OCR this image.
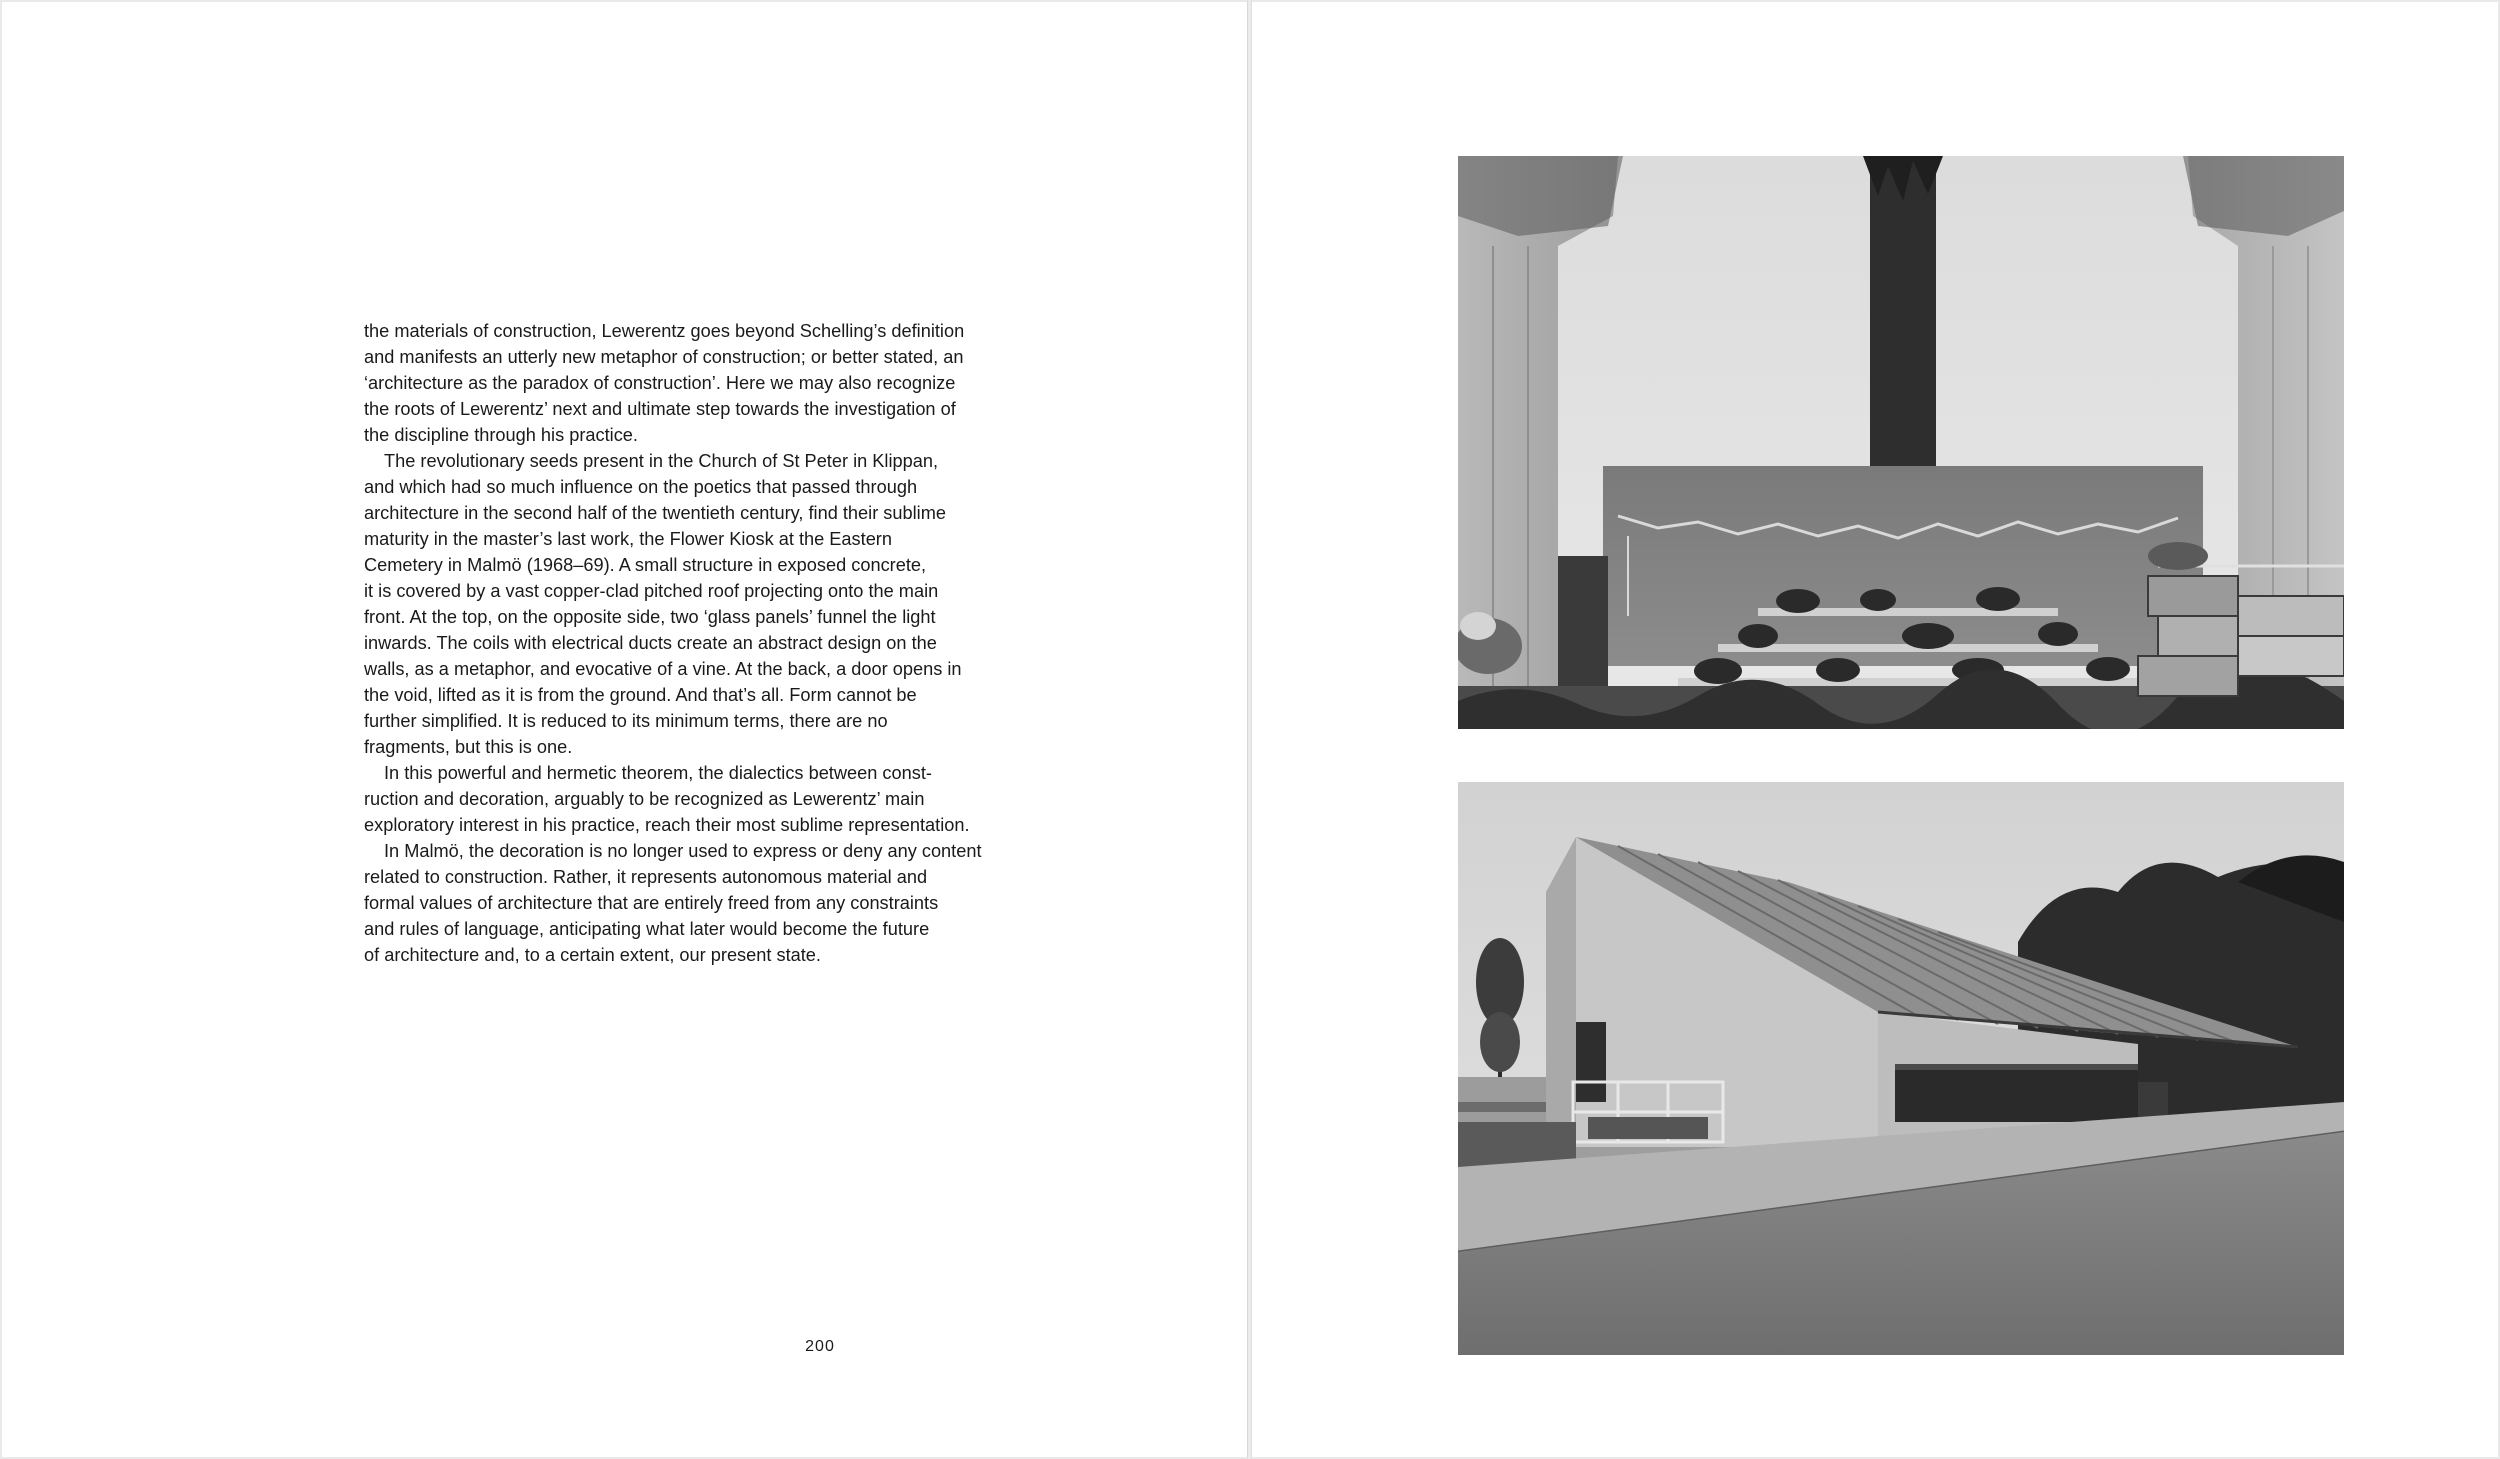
the materials of construction, Lewerentz goes beyond Schelling’s definition
and manifests an utterly new metaphor of construction; or better stated, an
‘architecture as the paradox of construction’. Here we may also recognize
the roots of Lewerentz’ next and ultimate step towards the investigation of
the discipline through his practice.
The revolutionary seeds present in the Church of St Peter in Klippan,
and which had so much influence on the poetics that passed through
architecture in the second half of the twentieth century, find their sublime
maturity in the master’s last work, the Flower Kiosk at the Eastern
Cemetery in Malmö (1968–69). A small structure in exposed concrete,
it is covered by a vast copper-clad pitched roof projecting onto the main
front. At the top, on the opposite side, two ‘glass panels’ funnel the light
inwards. The coils with electrical ducts create an abstract design on the
walls, as a metaphor, and evocative of a vine. At the back, a door opens in
the void, lifted as it is from the ground. And that’s all. Form cannot be
further simplified. It is reduced to its minimum terms, there are no
fragments, but this is one.
In this powerful and hermetic theorem, the dialectics between const-
ruction and decoration, arguably to be recognized as Lewerentz’ main
exploratory interest in his practice, reach their most sublime representation.
In Malmö, the decoration is no longer used to express or deny any content
related to construction. Rather, it represents autonomous material and
formal values of architecture that are entirely freed from any constraints
and rules of language, anticipating what later would become the future
of architecture and, to a certain extent, our present state.
200
